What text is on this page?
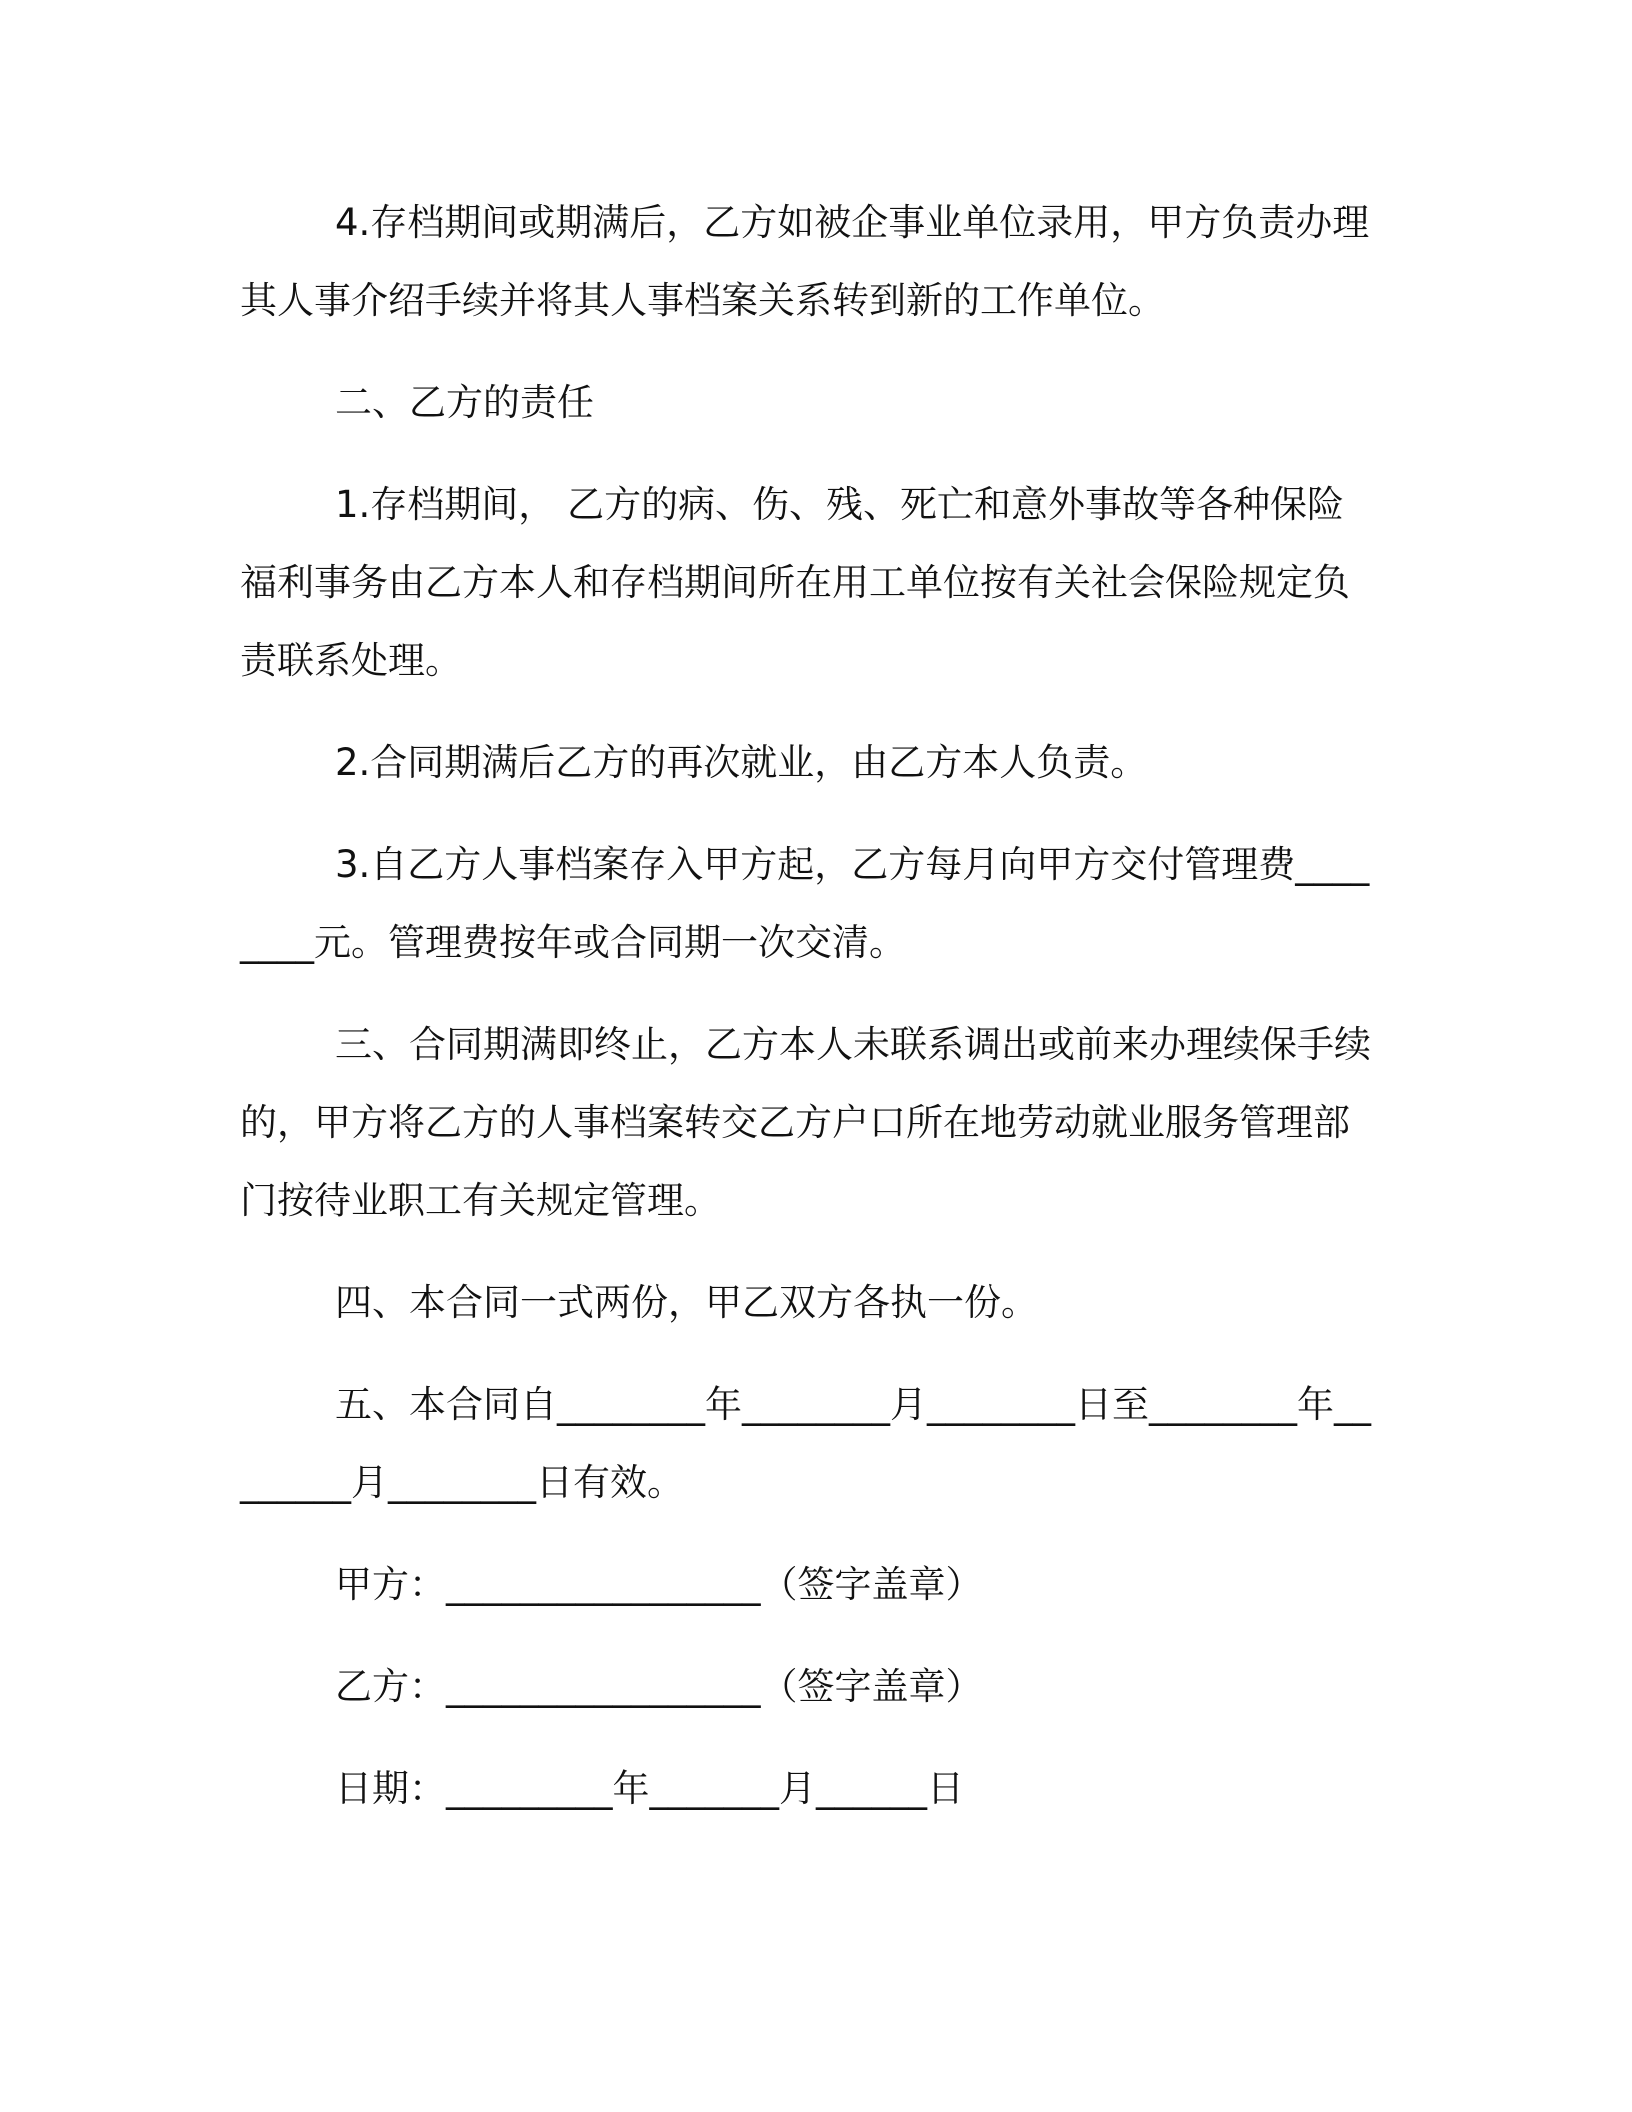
4.存档期间或期满后，乙方如被企事业单位录用，甲方负责办理其人事介绍手续并将其人事档案关系转到新的工作单位。

二、乙方的责任

1.存档期间， 乙方的病、伤、残、死亡和意外事故等各种保险福利事务由乙方本人和存档期间所在用工单位按有关社会保险规定负责联系处理。

2.合同期满后乙方的再次就业，由乙方本人负责。

3.自乙方人事档案存入甲方起，乙方每月向甲方交付管理费________元。管理费按年或合同期一次交清。

三、合同期满即终止，乙方本人未联系调出或前来办理续保手续的，甲方将乙方的人事档案转交乙方户口所在地劳动就业服务管理部门按待业职工有关规定管理。

四、本合同一式两份，甲乙双方各执一份。

五、本合同自________年________月________日至________年________月________日有效。

甲方：_________________（签字盖章）

乙方：_________________（签字盖章）

日期：_________年_______月______日
